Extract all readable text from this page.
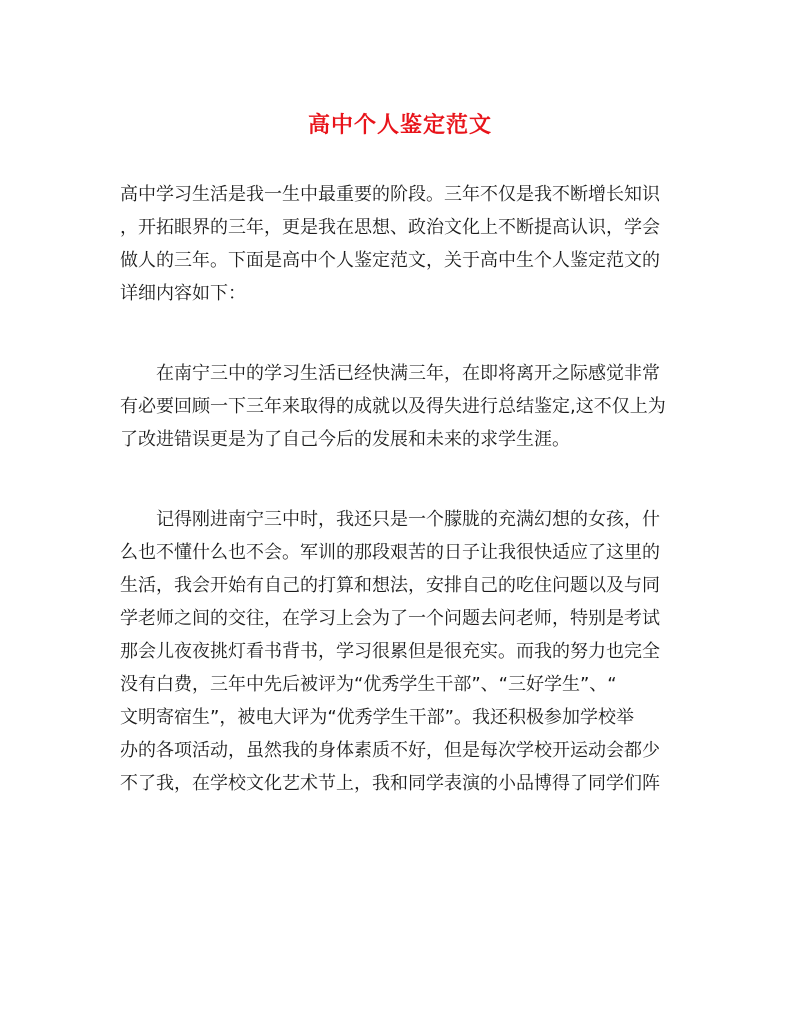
高中个人鉴定范文

高中学习生活是我一生中最重要的阶段。三年不仅是我不断增长知识
，开拓眼界的三年，更是我在思想、政治文化上不断提高认识，学会
做人的三年。下面是高中个人鉴定范文，关于高中生个人鉴定范文的
详细内容如下：

在南宁三中的学习生活已经快满三年，在即将离开之际感觉非常
有必要回顾一下三年来取得的成就以及得失进行总结鉴定,这不仅上为
了改进错误更是为了自己今后的发展和未来的求学生涯。

记得刚进南宁三中时，我还只是一个朦胧的充满幻想的女孩，什
么也不懂什么也不会。军训的那段艰苦的日子让我很快适应了这里的
生活，我会开始有自己的打算和想法，安排自己的吃住问题以及与同
学老师之间的交往，在学习上会为了一个问题去问老师，特别是考试
那会儿夜夜挑灯看书背书，学习很累但是很充实。而我的努力也完全
没有白费，三年中先后被评为“优秀学生干部”、“三好学生”、“
文明寄宿生”，被电大评为“优秀学生干部”。我还积极参加学校举
办的各项活动，虽然我的身体素质不好，但是每次学校开运动会都少
不了我，在学校文化艺术节上，我和同学表演的小品博得了同学们阵
